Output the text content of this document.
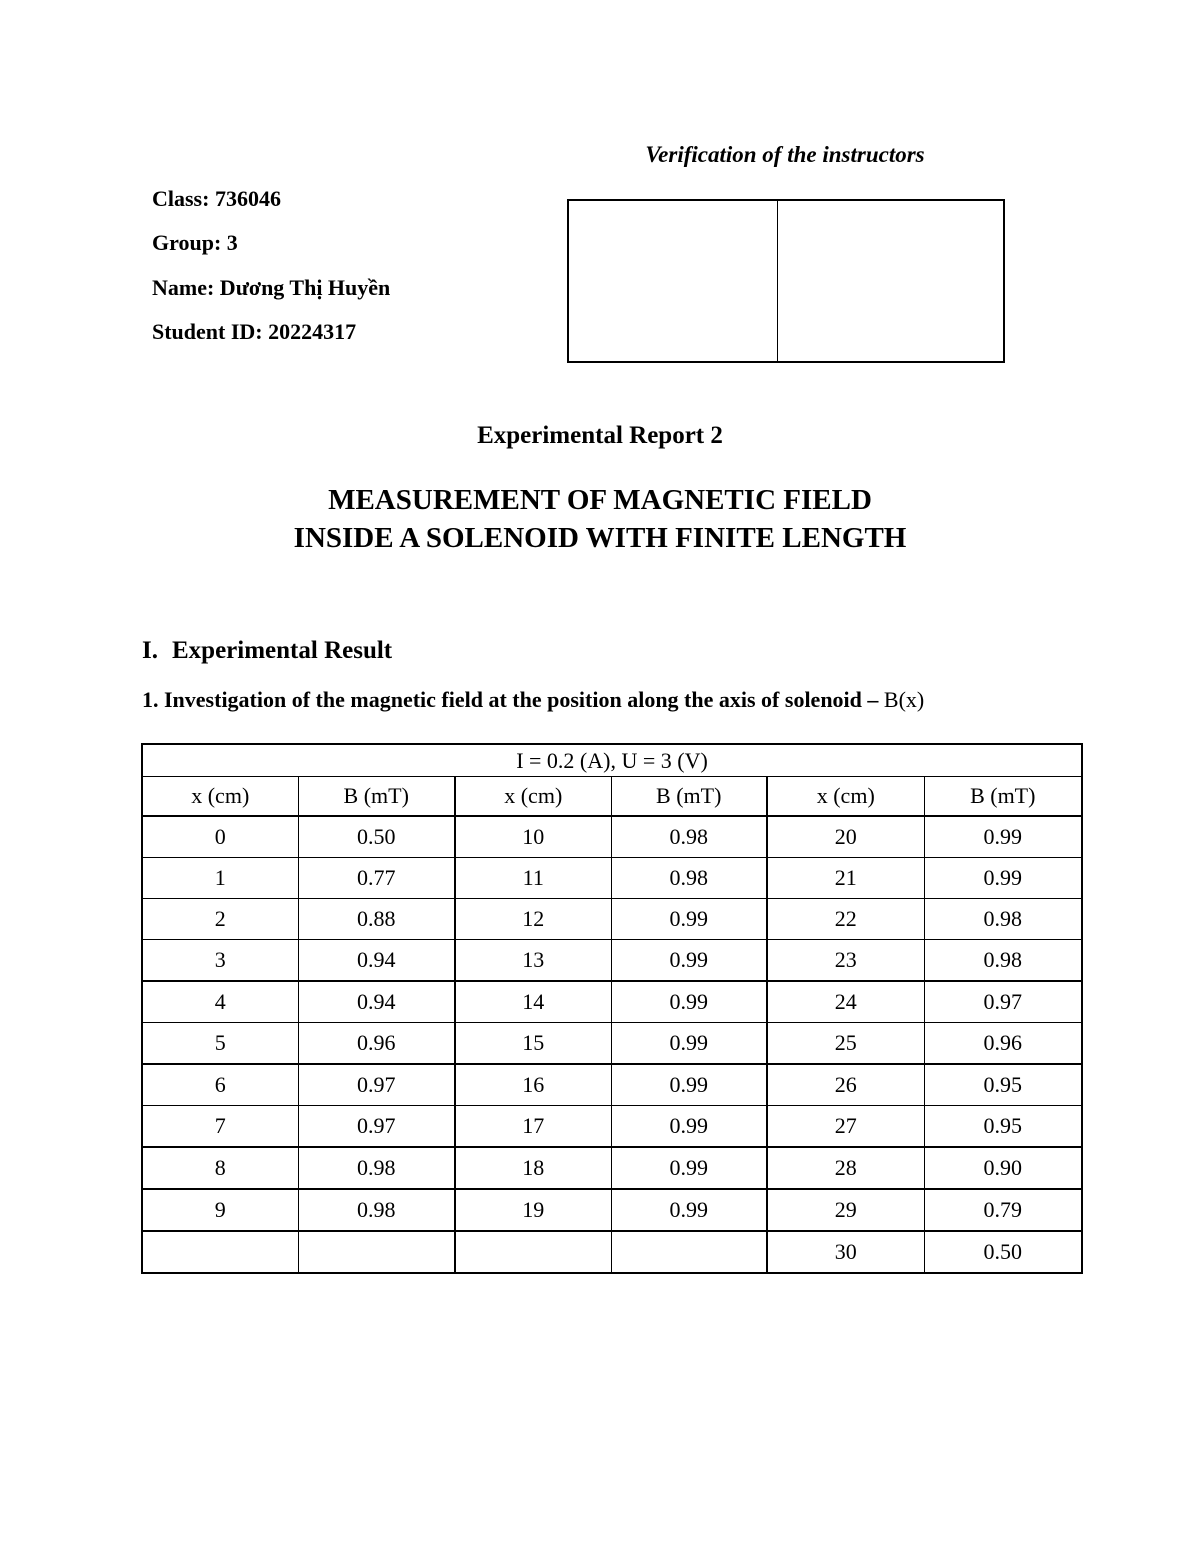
Verification of the instructors
Class: 736046
Group: 3
Name: Dương Thị Huyền
Student ID: 20224317
Experimental Report 2
MEASUREMENT OF MAGNETIC FIELD
INSIDE A SOLENOID WITH FINITE LENGTH
I. Experimental Result
1. Investigation of the magnetic field at the position along the axis of solenoid – B(x)
I = 0.2 (A), U = 3 (V)					
x (cm)	B (mT)	x (cm)	B (mT)	x (cm)	B (mT)
0	0.50	10	0.98	20	0.99
1	0.77	11	0.98	21	0.99
2	0.88	12	0.99	22	0.98
3	0.94	13	0.99	23	0.98
4	0.94	14	0.99	24	0.97
5	0.96	15	0.99	25	0.96
6	0.97	16	0.99	26	0.95
7	0.97	17	0.99	27	0.95
8	0.98	18	0.99	28	0.90
9	0.98	19	0.99	29	0.79
				30	0.50
